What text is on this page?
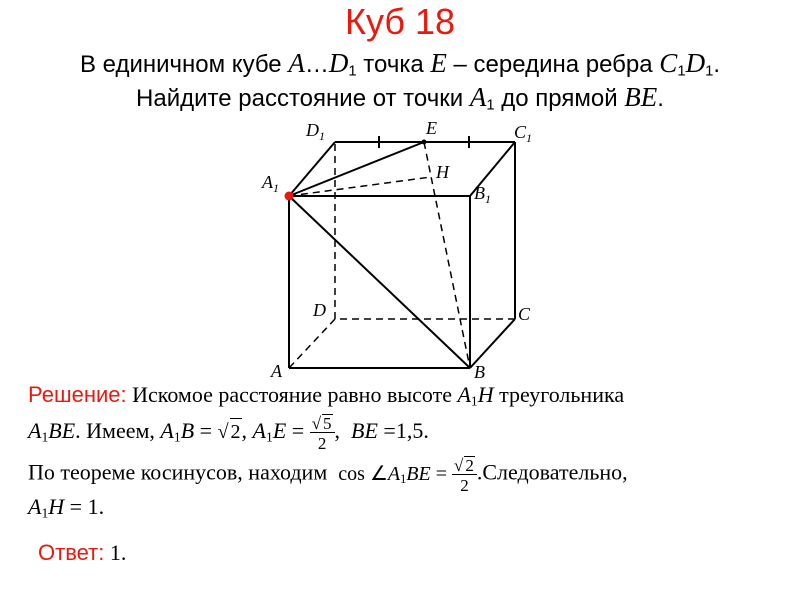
Куб 18
В единичном кубе $A\dots D_1$ точка E – середина ребра $C_1D_1$.
Найдите расстояние от точки $A_1$ до прямой BE.
$D_1$	E	$C_1$
$A_1$
H
$B_1$
D	C
A	B
Решение: Искомое расстояние равно высоте $A_1H$ треугольника
$A_1BE$. Имеем, $A_1B$ = √ 2, $A_1E = \frac{√ 5}{2}$ , BE =1,5.
По теореме косинусов, находим $\cos \angle A_1BE = \frac{√ 2}{2}$ .Следовательно,
$A_1H = 1$.
Ответ: 1.
